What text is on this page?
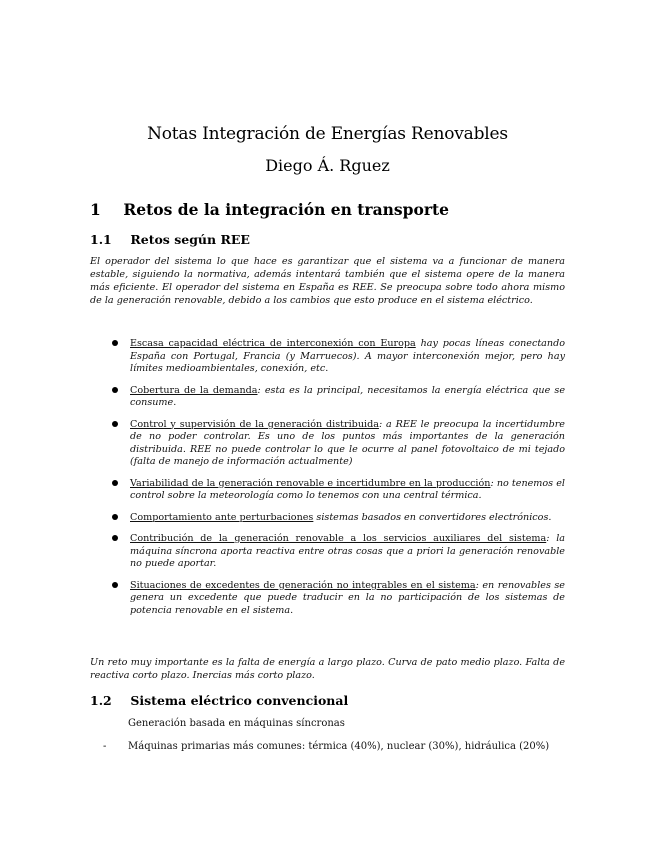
Notas Integración de Energías Renovables
Diego Á. Rguez
1 Retos de la integración en transporte
1.1 Retos según REE
El operador del sistema lo que hace es garantizar que el sistema va a funcionar de manera estable, siguiendo la normativa, además intentará también que el sistema opere de la manera más eficiente. El operador del sistema en España es REE. Se preocupa sobre todo ahora mismo de la generación renovable, debido a los cambios que esto produce en el sistema eléctrico.
Escasa capacidad eléctrica de interconexión con Europa hay pocas líneas conectando España con Portugal, Francia (y Marruecos). A mayor interconexión mejor, pero hay límites medioambientales, conexión, etc.
Cobertura de la demanda: esta es la principal, necesitamos la energía eléctrica que se consume.
Control y supervisión de la generación distribuida: a REE le preocupa la incertidumbre de no poder controlar. Es uno de los puntos más importantes de la generación distribuida. REE no puede controlar lo que le ocurre al panel fotovoltaico de mi tejado (falta de manejo de información actualmente)
Variabilidad de la generación renovable e incertidumbre en la producción: no tenemos el control sobre la meteorología como lo tenemos con una central térmica.
Comportamiento ante perturbaciones sistemas basados en convertidores electrónicos.
Contribución de la generación renovable a los servicios auxiliares del sistema: la máquina síncrona aporta reactiva entre otras cosas que a priori la generación renovable no puede aportar.
Situaciones de excedentes de generación no integrables en el sistema: en renovables se genera un excedente que puede traducir en la no participación de los sistemas de potencia renovable en el sistema.
Un reto muy importante es la falta de energía a largo plazo. Curva de pato medio plazo. Falta de reactiva corto plazo. Inercias más corto plazo.
1.2 Sistema eléctrico convencional
Generación basada en máquinas síncronas
- Máquinas primarias más comunes: térmica (40%), nuclear (30%), hidráulica (20%)
